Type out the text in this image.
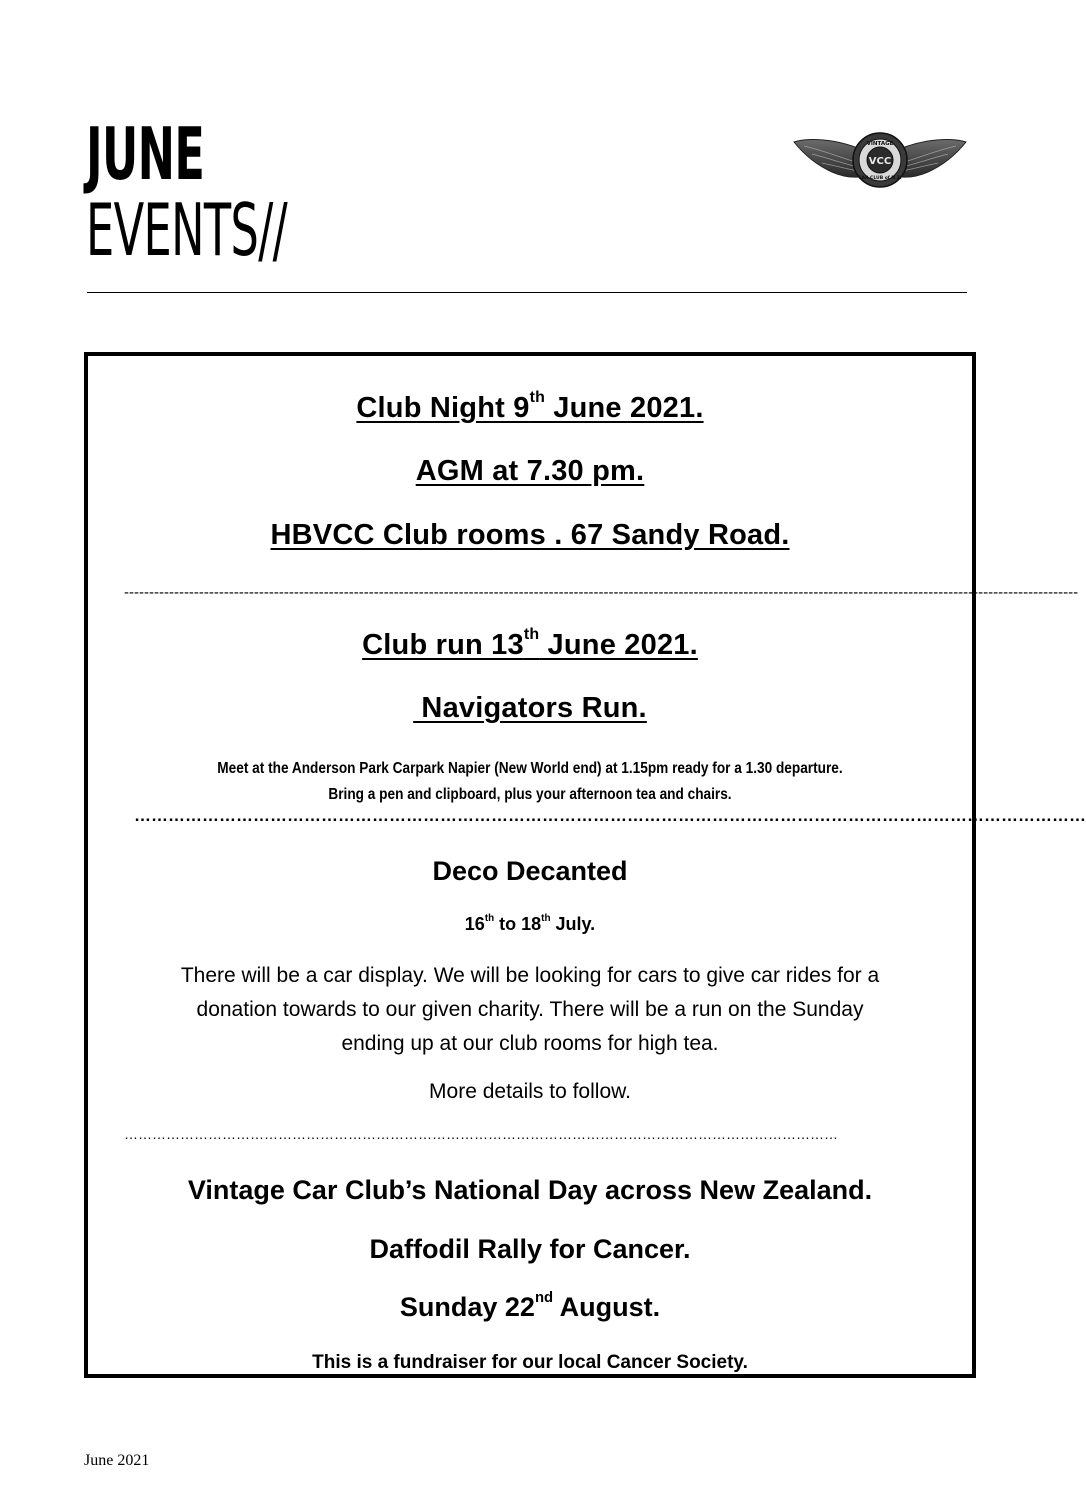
JUNE
EVENTS//
VCC
VINTAGE
CAR CLUB of N.Z.

Club Night 9th June 2021.

AGM at 7.30 pm.

HBVCC Club rooms . 67 Sandy Road.

-----------------------------------------------------------------------------------------------------------------------------------------------------------------------------------------------

Club run 13th June 2021.

Navigators Run.

Meet at the Anderson Park Carpark Napier (New World end) at 1.15pm ready for a 1.30 departure.

Bring a pen and clipboard, plus your afternoon tea and chairs.

……………………………………………………………………………………………………………………………………………………

Deco Decanted

16th to 18th July.

There will be a car display. We will be looking for cars to give car rides for a

donation towards to our given charity. There will be a run on the Sunday

ending up at our club rooms for high tea.

More details to follow.

………………………………………………………………………………………………………………………………………

Vintage Car Club’s National Day across New Zealand.

Daffodil Rally for Cancer.

Sunday 22nd August.

This is a fundraiser for our local Cancer Society.

June 2021
